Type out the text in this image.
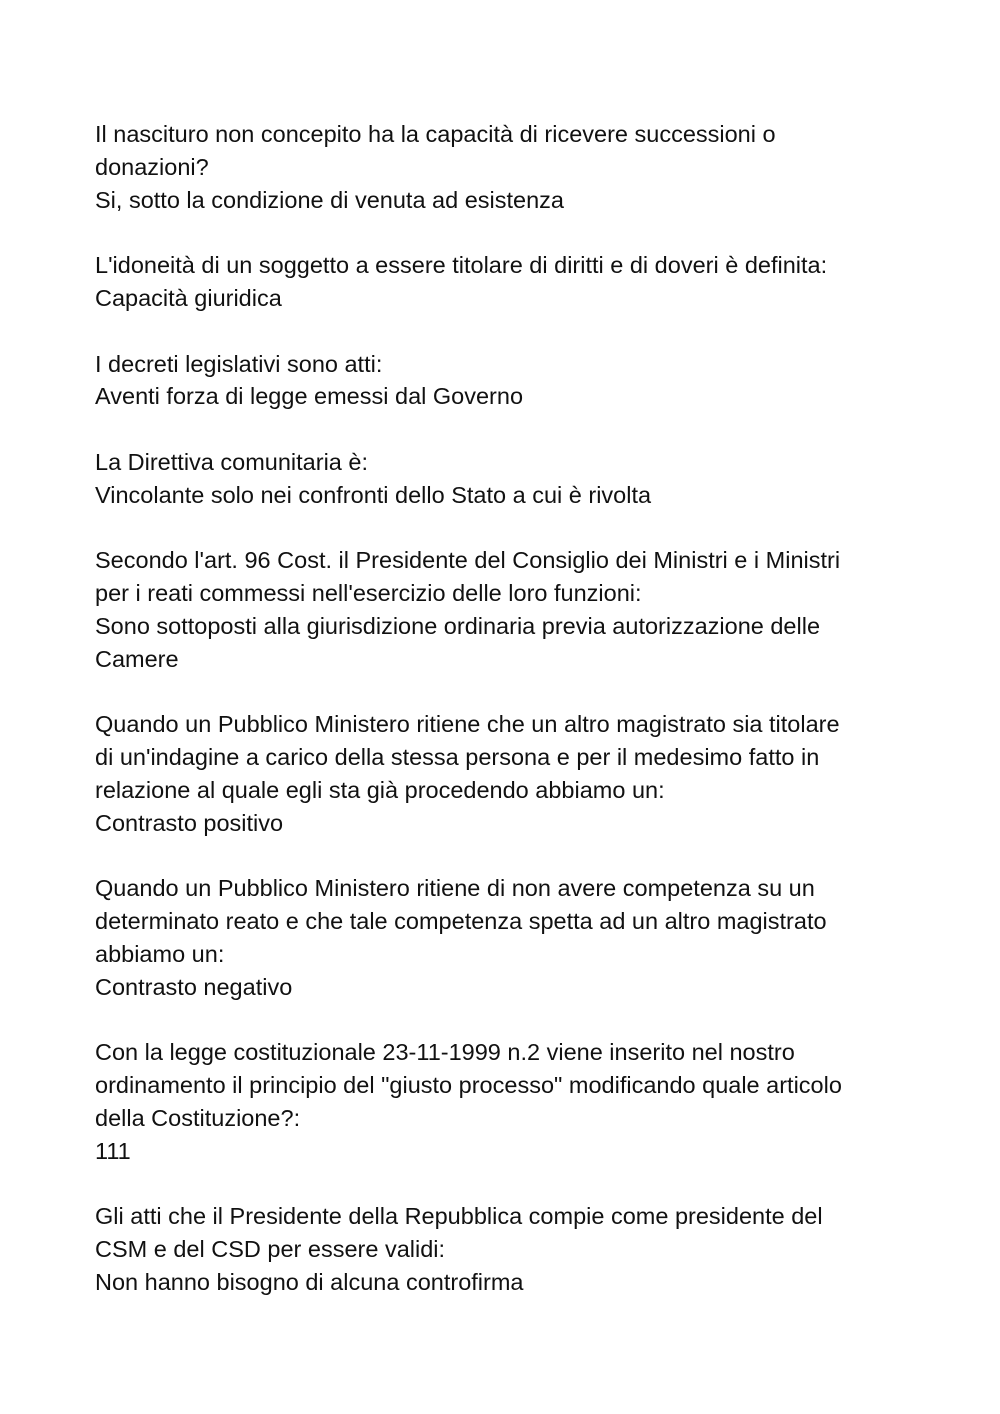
Il nascituro non concepito ha la capacità di ricevere successioni o
donazioni?
Si, sotto la condizione di venuta ad esistenza
L'idoneità di un soggetto a essere titolare di diritti e di doveri è definita:
Capacità giuridica
I decreti legislativi sono atti:
Aventi forza di legge emessi dal Governo
La Direttiva comunitaria è:
Vincolante solo nei confronti dello Stato a cui è rivolta
Secondo l'art. 96 Cost. il Presidente del Consiglio dei Ministri e i Ministri
per i reati commessi nell'esercizio delle loro funzioni:
Sono sottoposti alla giurisdizione ordinaria previa autorizzazione delle
Camere
Quando un Pubblico Ministero ritiene che un altro magistrato sia titolare
di un'indagine a carico della stessa persona e per il medesimo fatto in
relazione al quale egli sta già procedendo abbiamo un:
Contrasto positivo
Quando un Pubblico Ministero ritiene di non avere competenza su un
determinato reato e che tale competenza spetta ad un altro magistrato
abbiamo un:
Contrasto negativo
Con la legge costituzionale 23-11-1999 n.2 viene inserito nel nostro
ordinamento il principio del "giusto processo" modificando quale articolo
della Costituzione?:
111
Gli atti che il Presidente della Repubblica compie come presidente del
CSM e del CSD per essere validi:
Non hanno bisogno di alcuna controfirma
